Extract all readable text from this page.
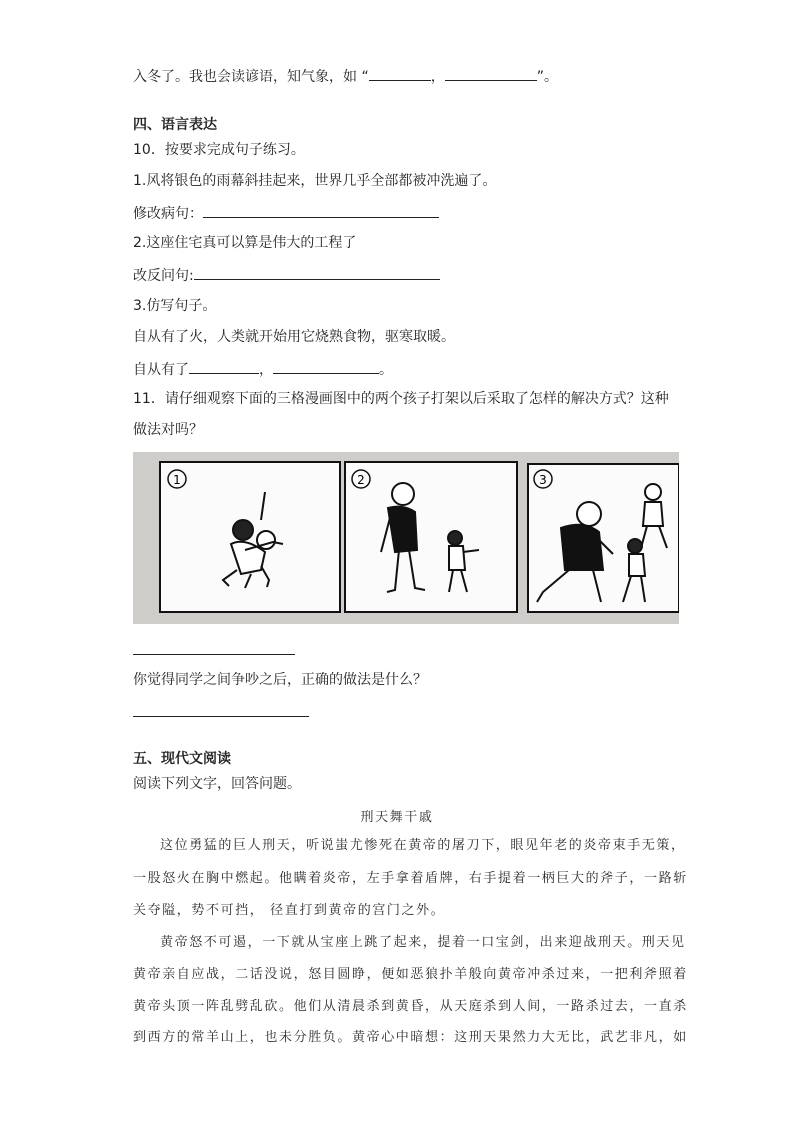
入冬了。我也会读谚语，知气象，如 “	，	”。
四、语言表达
10．按要求完成句子练习。
1.风将银色的雨幕斜挂起来，世界几乎全部都被冲洗遍了。
修改病句：
2.这座住宅真可以算是伟大的工程了
改反问句:
3.仿写句子。
自从有了火，人类就开始用它烧熟食物，驱寒取暖。
自从有了	，	。
11．请仔细观察下面的三格漫画图中的两个孩子打架以后采取了怎样的解决方式？这种
做法对吗？
1	2	3
你觉得同学之间争吵之后，正确的做法是什么？
五、现代文阅读
阅读下列文字，回答问题。
刑天舞干戚
这位勇猛的巨人刑天，听说蚩尤惨死在黄帝的屠刀下，眼见年老的炎帝束手无策，
一股怒火在胸中燃起。他瞒着炎帝，左手拿着盾牌，右手提着一柄巨大的斧子，一路斩
关夺隘，势不可挡， 径直打到黄帝的宫门之外。
黄帝怒不可遏，一下就从宝座上跳了起来，提着一口宝剑，出来迎战刑天。刑天见
黄帝亲自应战，二话没说，怒目圆睁，便如恶狼扑羊般向黄帝冲杀过来，一把利斧照着
黄帝头顶一阵乱劈乱砍。他们从清晨杀到黄昏，从天庭杀到人间，一路杀过去，一直杀
到西方的常羊山上，也未分胜负。黄帝心中暗想：这刑天果然力大无比，武艺非凡，如
